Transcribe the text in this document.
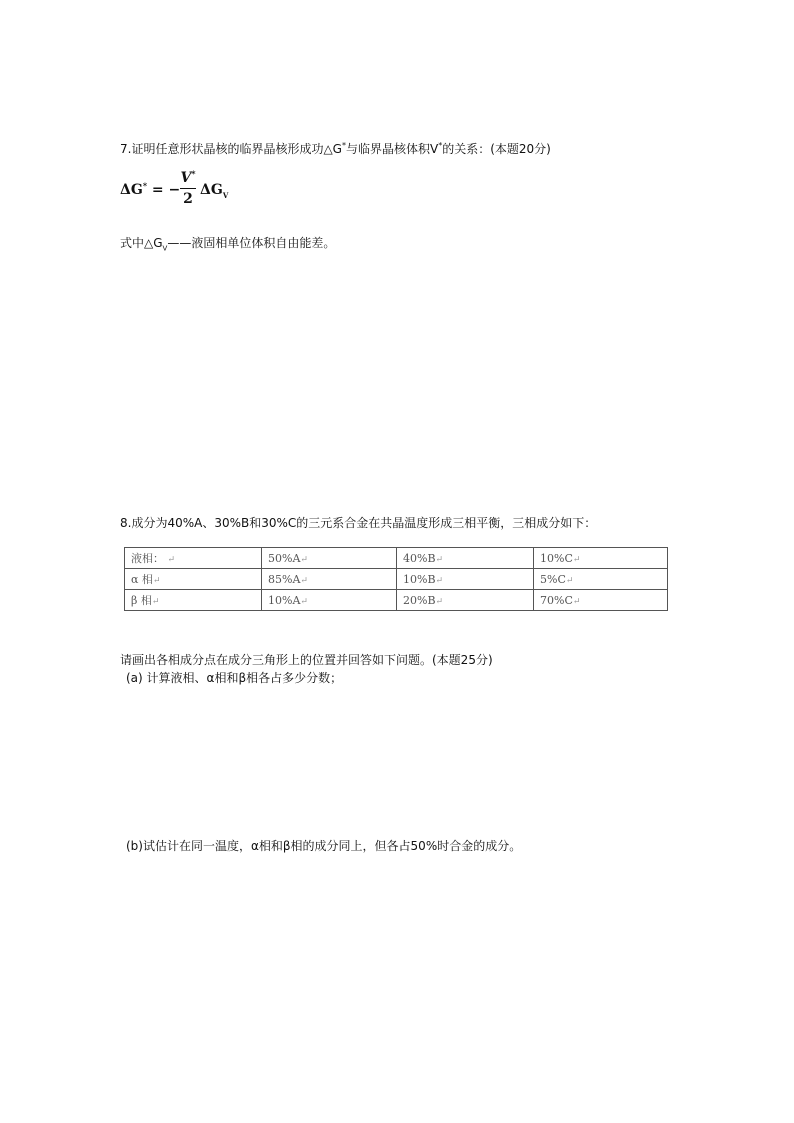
7.证明任意形状晶核的临界晶核形成功△G*与临界晶核体积V*的关系：(本题20分)
ΔG* = −
V*
2
$\Delta G_V$
式中$\triangle G_V——$液固相单位体积自由能差。
8.成分为40%A、30%B和30%C的三元系合金在共晶温度形成三相平衡，三相成分如下：
液相： ↵	50%A↵	40%B↵	10%C↵
α 相↵	85%A↵	10%B↵	5%C↵
β 相↵	10%A↵	20%B↵	70%C↵
请画出各相成分点在成分三角形上的位置并回答如下问题。(本题25分)
(a) 计算液相、α相和β相各占多少分数；
(b)试估计在同一温度，α相和β相的成分同上，但各占50%时合金的成分。
